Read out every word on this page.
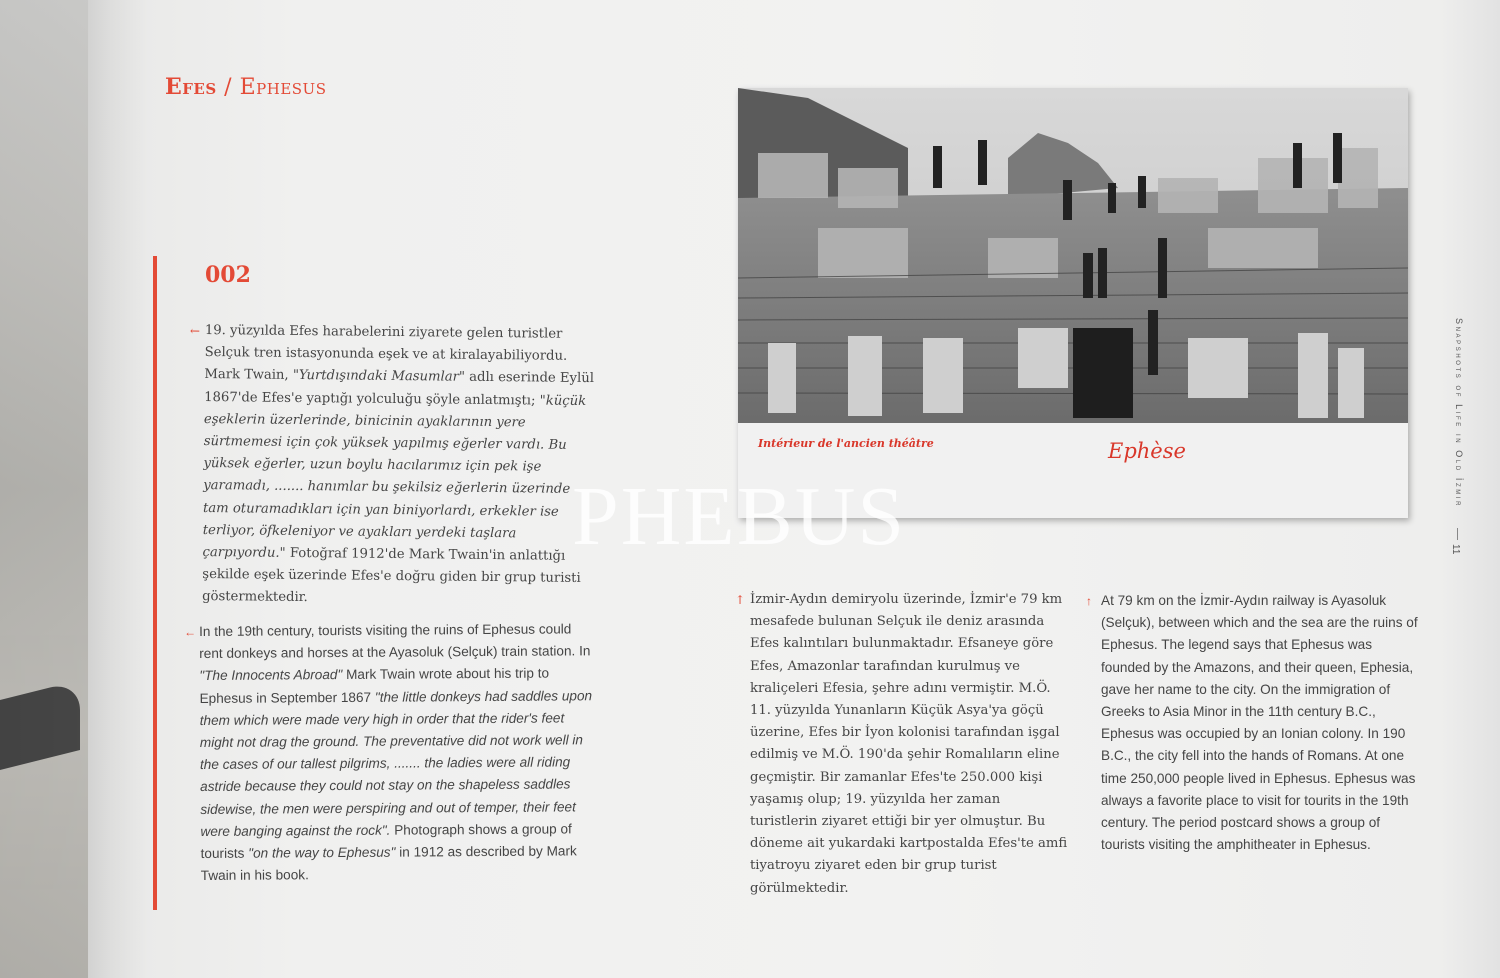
Efes / Ephesus
002
← 19. yüzyılda Efes harabelerini ziyarete gelen turistler Selçuk tren istasyonunda eşek ve at kiralayabiliyordu. Mark Twain, "Yurtdışındaki Masumlar" adlı eserinde Eylül 1867'de Efes'e yaptığı yolculuğu şöyle anlatmıştı; "küçük eşeklerin üzerlerinde, binicinin ayaklarının yere sürtmemesi için çok yüksek yapılmış eğerler vardı. Bu yüksek eğerler, uzun boylu hacılarımız için pek işe yaramadı, ....... hanımlar bu şekilsiz eğerlerin üzerinde tam oturamadıkları için yan biniyorlardı, erkekler ise terliyor, öfkeleniyor ve ayakları yerdeki taşlara çarpıyordu." Fotoğraf 1912'de Mark Twain'in anlattığı şekilde eşek üzerinde Efes'e doğru giden bir grup turisti göstermektedir.
← In the 19th century, tourists visiting the ruins of Ephesus could rent donkeys and horses at the Ayasoluk (Selçuk) train station. In "The Innocents Abroad" Mark Twain wrote about his trip to Ephesus in September 1867 "the little donkeys had saddles upon them which were made very high in order that the rider's feet might not drag the ground. The preventative did not work well in the cases of our tallest pilgrims, ....... the ladies were all riding astride because they could not stay on the shapeless saddles sidewise, the men were perspiring and out of temper, their feet were banging against the rock". Photograph shows a group of tourists "on the way to Ephesus" in 1912 as described by Mark Twain in his book.
Intérieur de l'ancien théâtre	Ephèse
↑ İzmir-Aydın demiryolu üzerinde, İzmir'e 79 km mesafede bulunan Selçuk ile deniz arasında Efes kalıntıları bulunmaktadır. Efsaneye göre Efes, Amazonlar tarafından kurulmuş ve kraliçeleri Efesia, şehre adını vermiştir. M.Ö. 11. yüzyılda Yunanların Küçük Asya'ya göçü üzerine, Efes bir İyon kolonisi tarafından işgal edilmiş ve M.Ö. 190'da şehir Romalıların eline geçmiştir. Bir zamanlar Efes'te 250.000 kişi yaşamış olup; 19. yüzyılda her zaman turistlerin ziyaret ettiği bir yer olmuştur. Bu döneme ait yukardaki kartpostalda Efes'te amfi tiyatroyu ziyaret eden bir grup turist görülmektedir.
↑ At 79 km on the İzmir-Aydın railway is Ayasoluk (Selçuk), between which and the sea are the ruins of Ephesus. The legend says that Ephesus was founded by the Amazons, and their queen, Ephesia, gave her name to the city. On the immigration of Greeks to Asia Minor in the 11th century B.C., Ephesus was occupied by an Ionian colony. In 190 B.C., the city fell into the hands of Romans. At one time 250,000 people lived in Ephesus. Ephesus was always a favorite place to visit for tourits in the 19th century. The period postcard shows a group of tourists visiting the amphitheater in Ephesus.
PHEBUS
Snapshots of Life in Old İzmir
11
